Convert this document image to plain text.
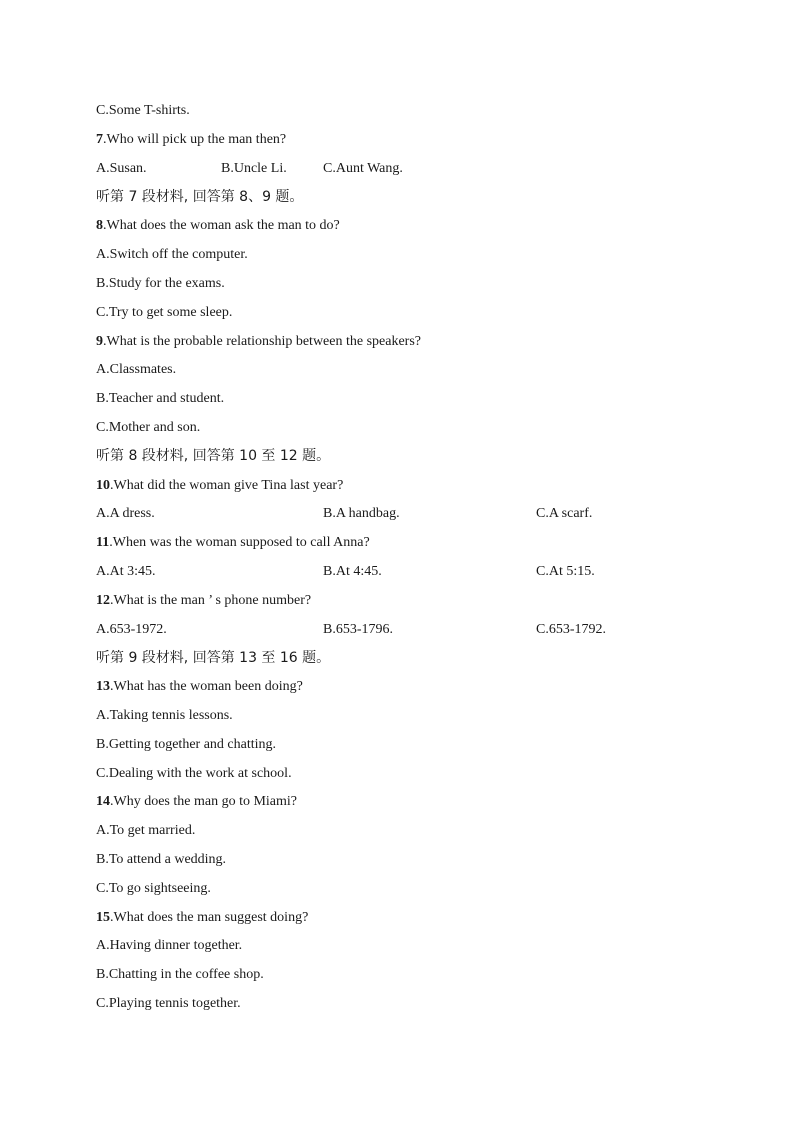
C.Some T-shirts.
7.Who will pick up the man then?
A.Susan.	B.Uncle Li.	C.Aunt Wang.
听第 7 段材料, 回答第 8、9 题。
8.What does the woman ask the man to do?
A.Switch off the computer.
B.Study for the exams.
C.Try to get some sleep.
9.What is the probable relationship between the speakers?
A.Classmates.
B.Teacher and student.
C.Mother and son.
听第 8 段材料, 回答第 10 至 12 题。
10.What did the woman give Tina last year?
A.A dress.	B.A handbag.	C.A scarf.
11.When was the woman supposed to call Anna?
A.At 3:45.	B.At 4:45.	C.At 5:15.
12.What is the man ’ s phone number?
A.653-1972.	B.653-1796.	C.653-1792.
听第 9 段材料, 回答第 13 至 16 题。
13.What has the woman been doing?
A.Taking tennis lessons.
B.Getting together and chatting.
C.Dealing with the work at school.
14.Why does the man go to Miami?
A.To get married.
B.To attend a wedding.
C.To go sightseeing.
15.What does the man suggest doing?
A.Having dinner together.
B.Chatting in the coffee shop.
C.Playing tennis together.
